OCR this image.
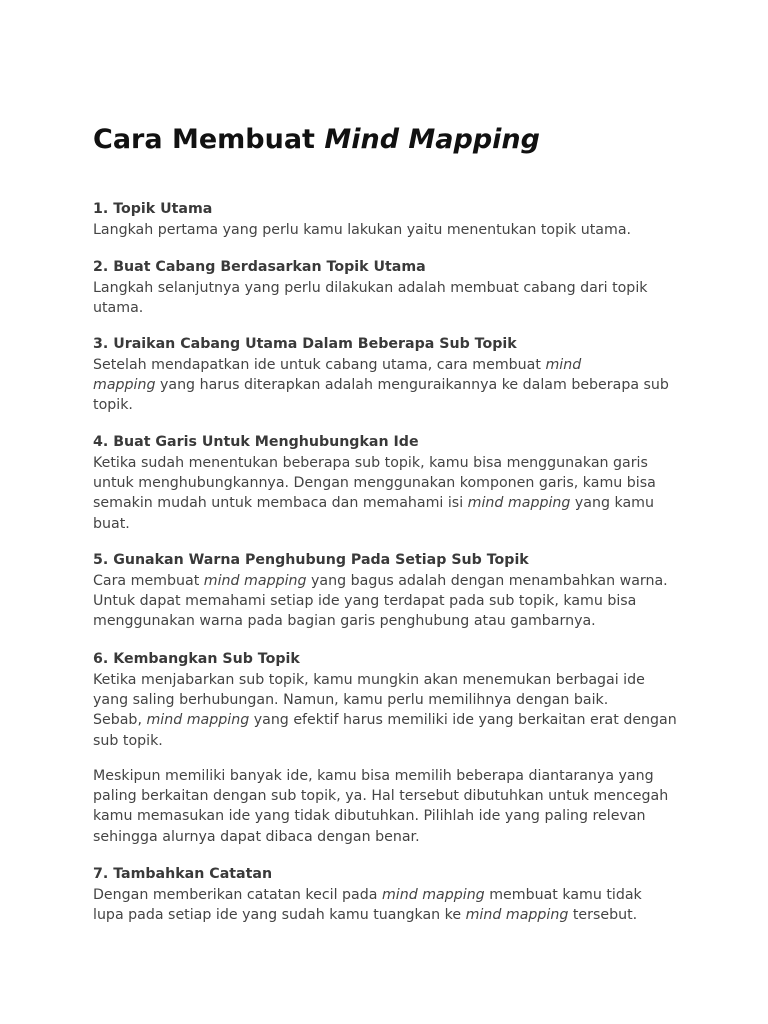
Cara Membuat Mind Mapping
1. Topik Utama
Langkah pertama yang perlu kamu lakukan yaitu menentukan topik utama.
2. Buat Cabang Berdasarkan Topik Utama
Langkah selanjutnya yang perlu dilakukan adalah membuat cabang dari topik
utama.
3. Uraikan Cabang Utama Dalam Beberapa Sub Topik
Setelah mendapatkan ide untuk cabang utama, cara membuat mind
mapping yang harus diterapkan adalah menguraikannya ke dalam beberapa sub
topik.
4. Buat Garis Untuk Menghubungkan Ide
Ketika sudah menentukan beberapa sub topik, kamu bisa menggunakan garis
untuk menghubungkannya. Dengan menggunakan komponen garis, kamu bisa
semakin mudah untuk membaca dan memahami isi mind mapping yang kamu
buat.
5. Gunakan Warna Penghubung Pada Setiap Sub Topik
Cara membuat mind mapping yang bagus adalah dengan menambahkan warna.
Untuk dapat memahami setiap ide yang terdapat pada sub topik, kamu bisa
menggunakan warna pada bagian garis penghubung atau gambarnya.
6. Kembangkan Sub Topik
Ketika menjabarkan sub topik, kamu mungkin akan menemukan berbagai ide
yang saling berhubungan. Namun, kamu perlu memilihnya dengan baik.
Sebab, mind mapping yang efektif harus memiliki ide yang berkaitan erat dengan
sub topik.
Meskipun memiliki banyak ide, kamu bisa memilih beberapa diantaranya yang
paling berkaitan dengan sub topik, ya. Hal tersebut dibutuhkan untuk mencegah
kamu memasukan ide yang tidak dibutuhkan. Pilihlah ide yang paling relevan
sehingga alurnya dapat dibaca dengan benar.
7. Tambahkan Catatan
Dengan memberikan catatan kecil pada mind mapping membuat kamu tidak
lupa pada setiap ide yang sudah kamu tuangkan ke mind mapping tersebut.
